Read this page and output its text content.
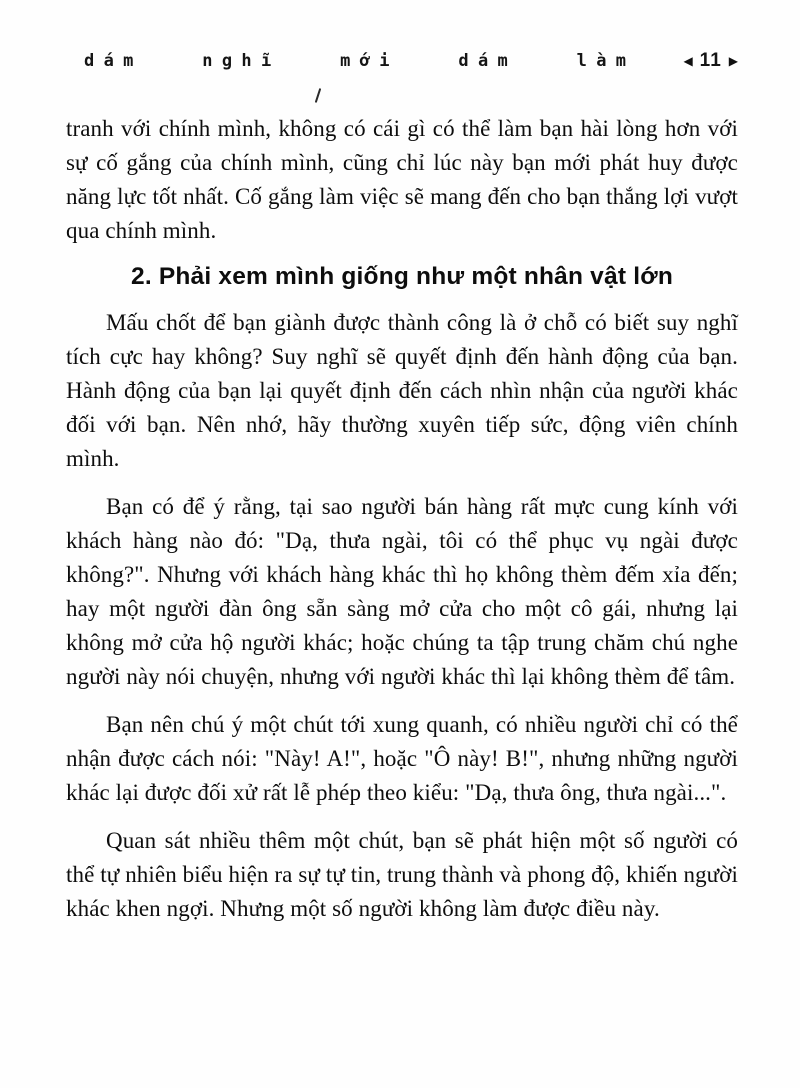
dám	nghĩ	mới	dám	làm	◀ 11 ▶

tranh với chính mình, không có cái gì có thể làm bạn hài lòng hơn với sự cố gắng của chính mình, cũng chỉ lúc này bạn mới phát huy được năng lực tốt nhất. Cố gắng làm việc sẽ mang đến cho bạn thắng lợi vượt qua chính mình.

2. Phải xem mình giống như một nhân vật lớn

Mấu chốt để bạn giành được thành công là ở chỗ có biết suy nghĩ tích cực hay không? Suy nghĩ sẽ quyết định đến hành động của bạn. Hành động của bạn lại quyết định đến cách nhìn nhận của người khác đối với bạn. Nên nhớ, hãy thường xuyên tiếp sức, động viên chính mình.

Bạn có để ý rằng, tại sao người bán hàng rất mực cung kính với khách hàng nào đó: "Dạ, thưa ngài, tôi có thể phục vụ ngài được không?". Nhưng với khách hàng khác thì họ không thèm đếm xỉa đến; hay một người đàn ông sẵn sàng mở cửa cho một cô gái, nhưng lại không mở cửa hộ người khác; hoặc chúng ta tập trung chăm chú nghe người này nói chuyện, nhưng với người khác thì lại không thèm để tâm.

Bạn nên chú ý một chút tới xung quanh, có nhiều người chỉ có thể nhận được cách nói: "Này! A!", hoặc "Ô này! B!", nhưng những người khác lại được đối xử rất lễ phép theo kiểu: "Dạ, thưa ông, thưa ngài...".

Quan sát nhiều thêm một chút, bạn sẽ phát hiện một số người có thể tự nhiên biểu hiện ra sự tự tin, trung thành và phong độ, khiến người khác khen ngợi. Nhưng một số người không làm được điều này.
